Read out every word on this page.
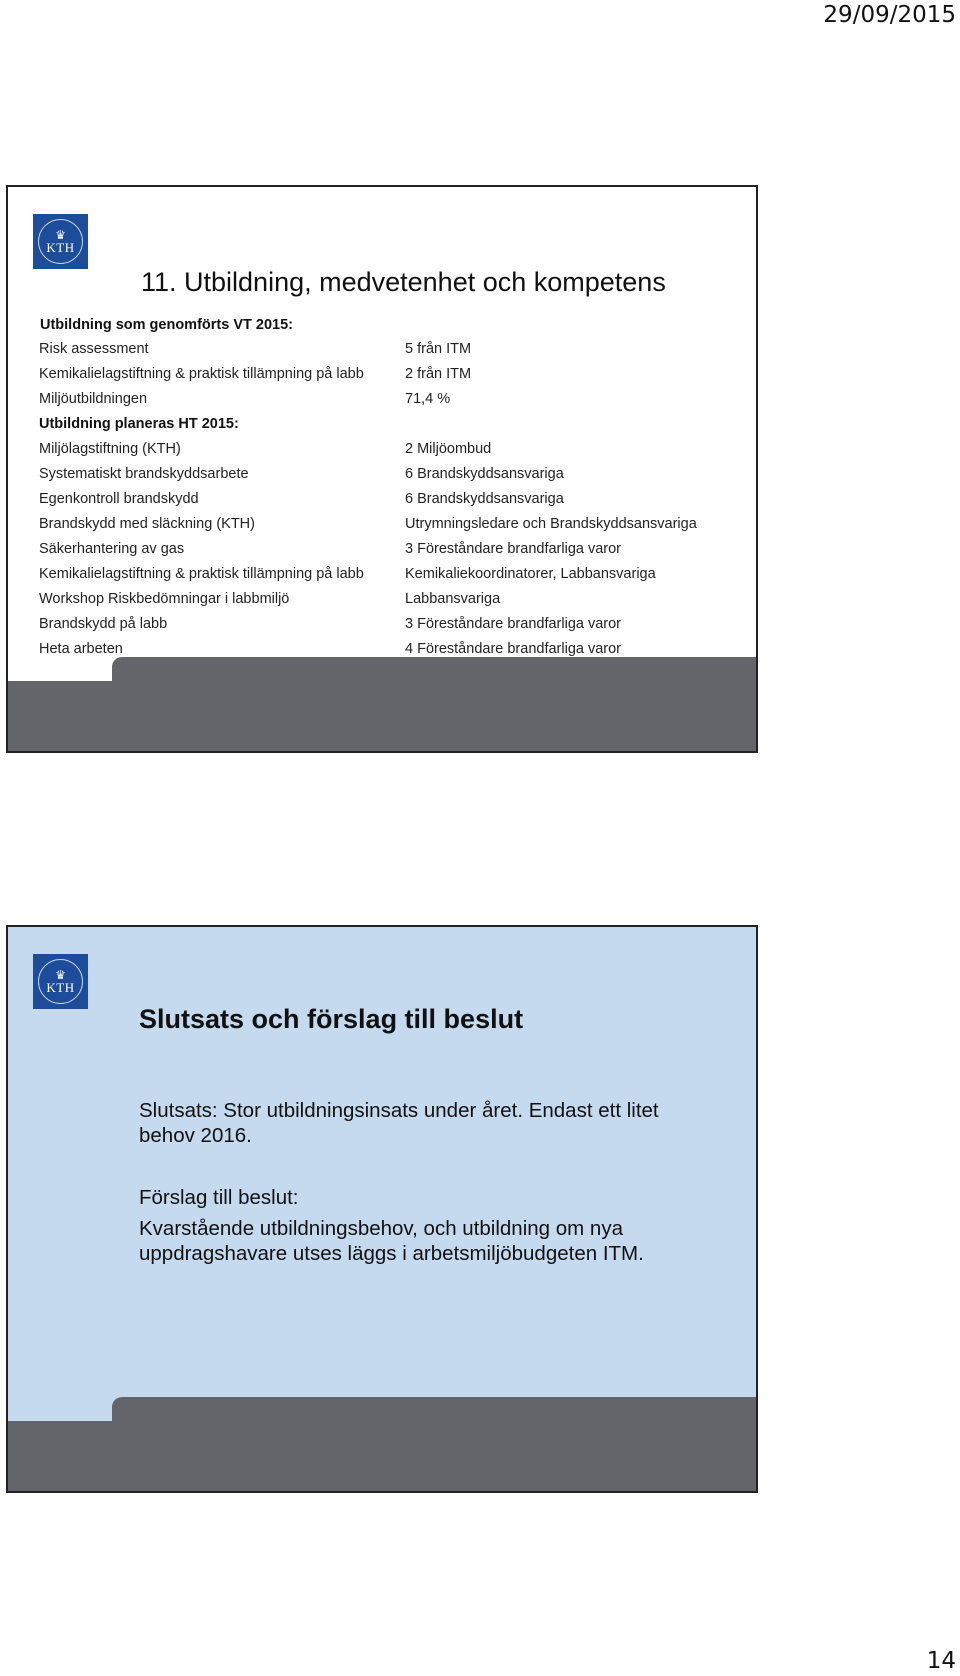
29/09/2015
♛
KTH
11. Utbildning, medvetenhet och kompetens
Utbildning som genomförts VT 2015:
Risk assessment	5 från ITM
Kemikalielagstiftning & praktisk tillämpning på labb	2 från ITM
Miljöutbildningen	71,4 %
Utbildning planeras HT 2015:
Miljölagstiftning (KTH)	2 Miljöombud
Systematiskt brandskyddsarbete	6 Brandskyddsansvariga
Egenkontroll brandskydd	6 Brandskyddsansvariga
Brandskydd med släckning (KTH)	Utrymningsledare och Brandskyddsansvariga
Säkerhantering av gas	3 Föreståndare brandfarliga varor
Kemikalielagstiftning & praktisk tillämpning på labb	Kemikaliekoordinatorer, Labbansvariga
Workshop Riskbedömningar i labbmiljö	Labbansvariga
Brandskydd på labb	3 Föreståndare brandfarliga varor
Heta arbeten	4 Föreståndare brandfarliga varor
♛
KTH
Slutsats och förslag till beslut
Slutsats: Stor utbildningsinsats under året. Endast ett litet behov 2016.
Förslag till beslut:
Kvarstående utbildningsbehov, och utbildning om nya uppdragshavare utses läggs i arbetsmiljöbudgeten ITM.
14
